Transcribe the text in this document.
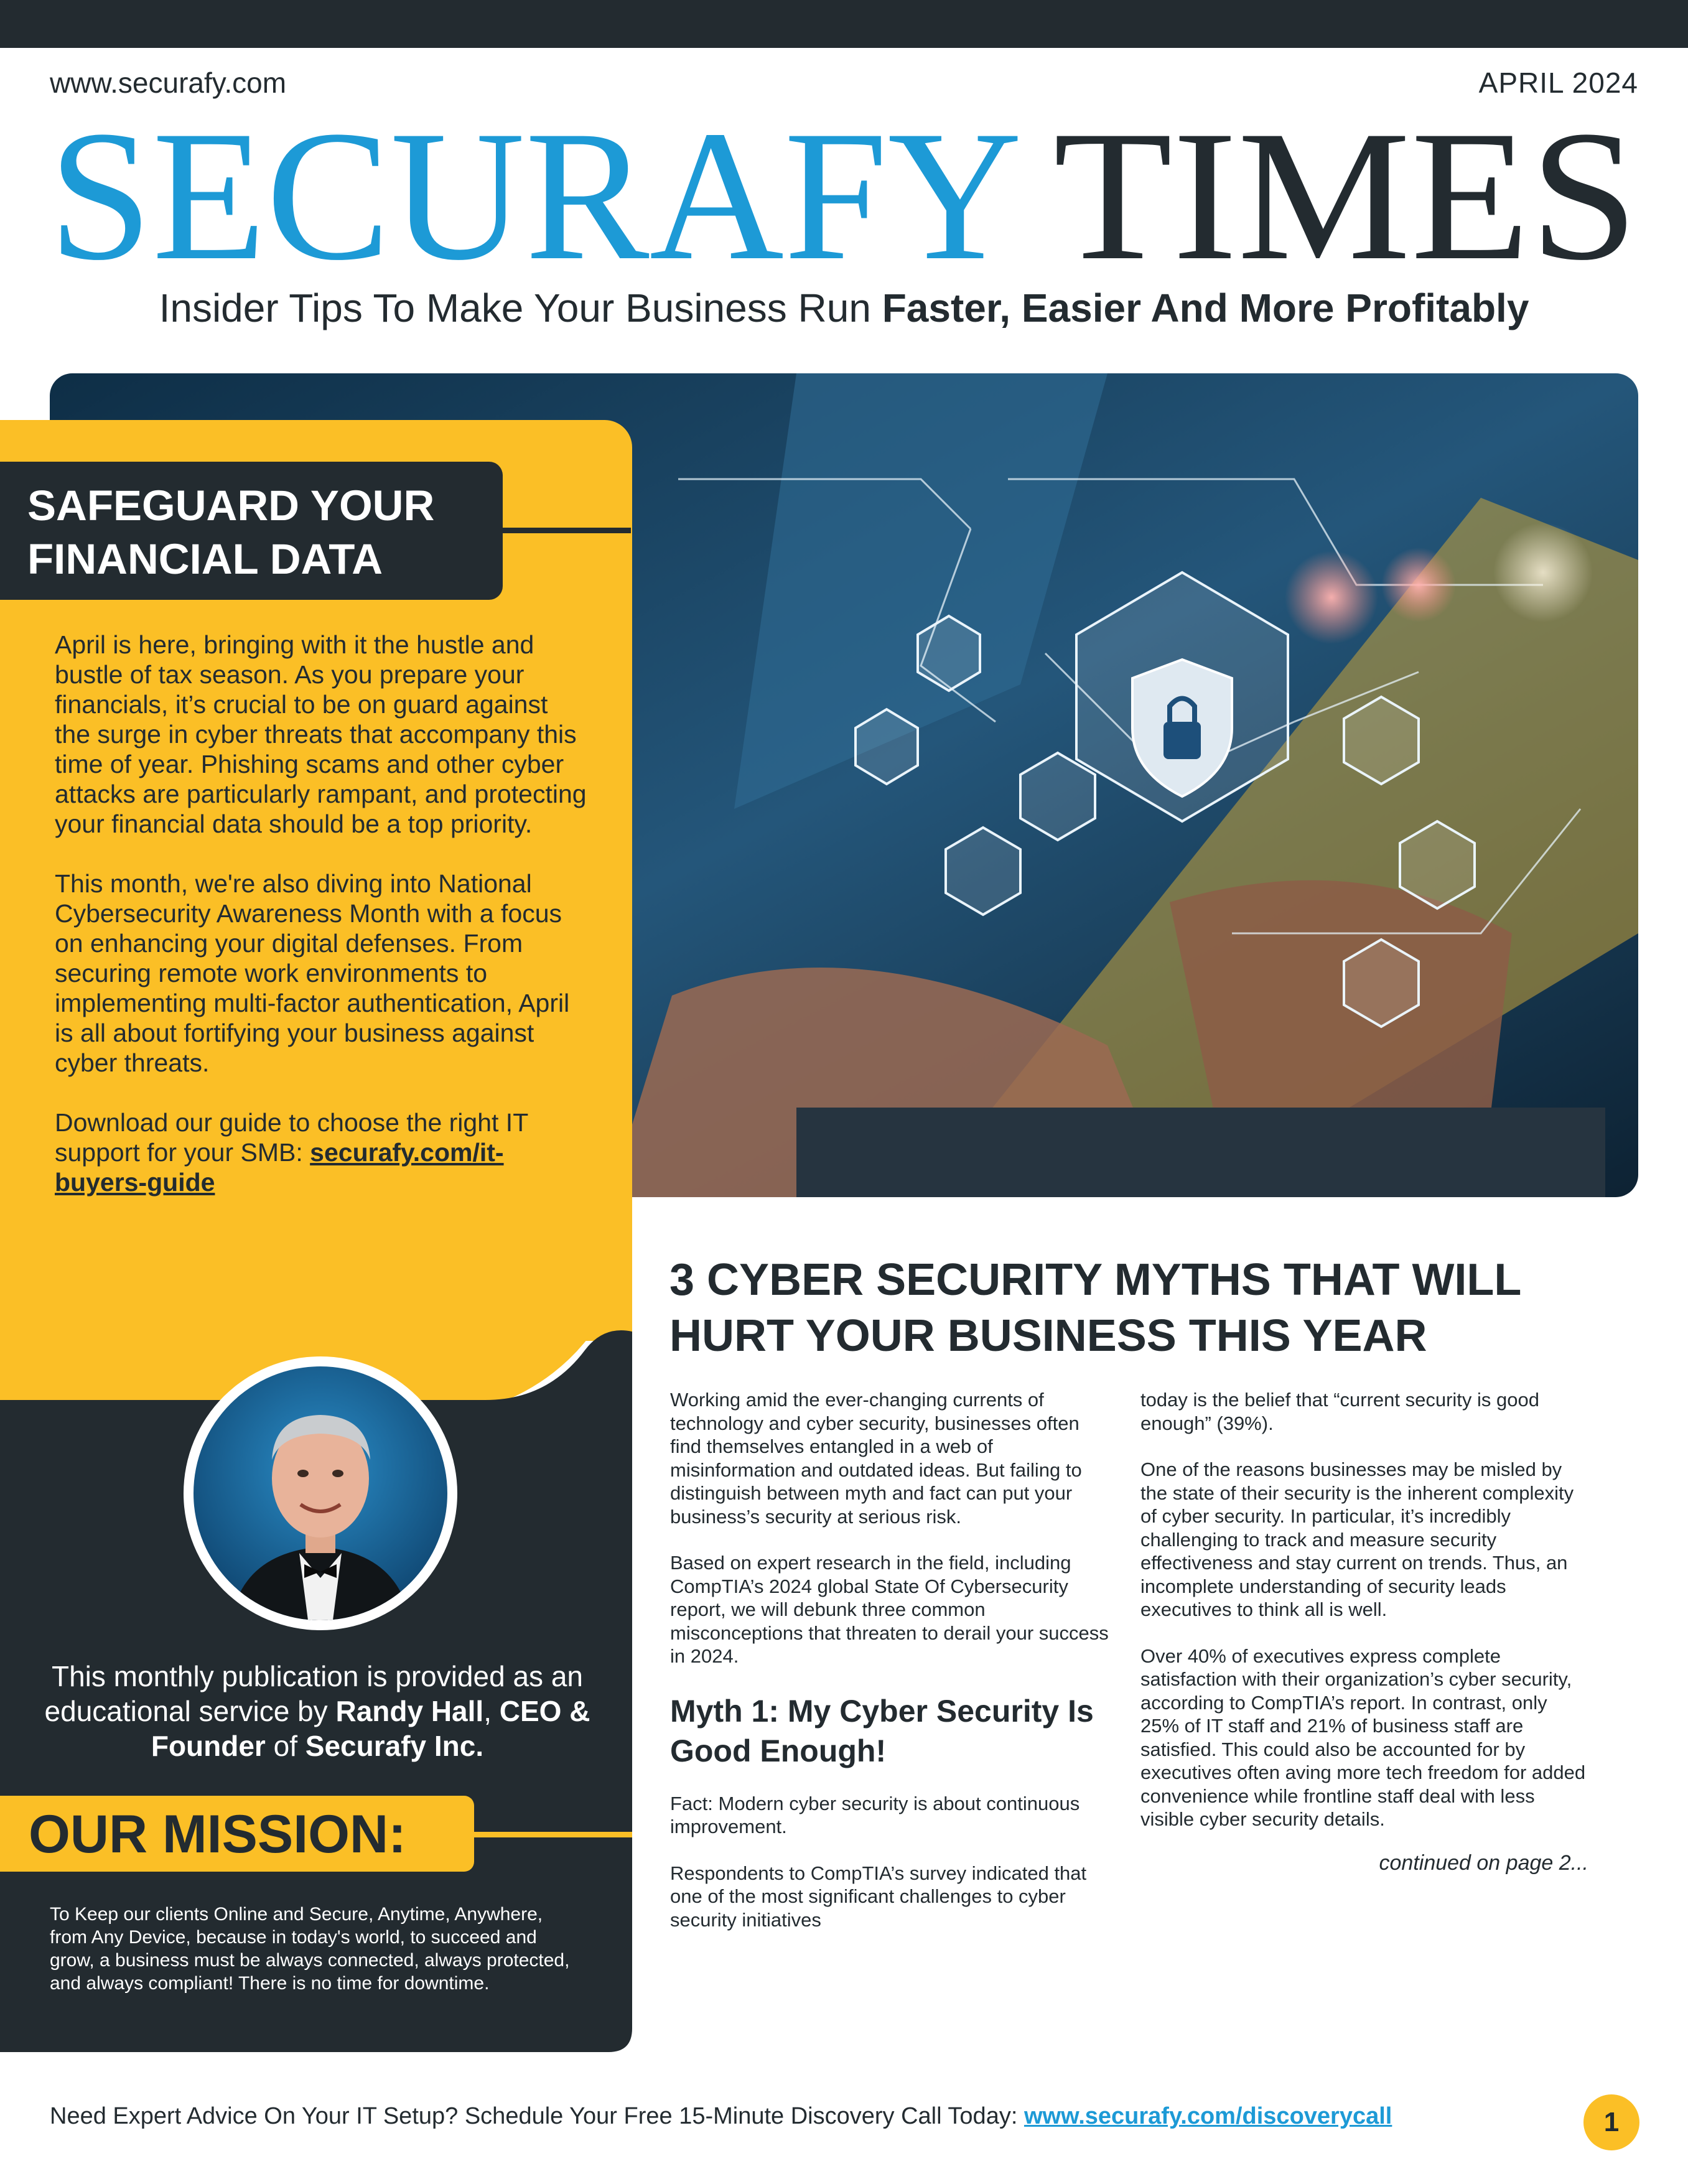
www.securafy.com	APRIL 2024
SECURAFY TIMES
Insider Tips To Make Your Business Run Faster, Easier And More Profitably
SAFEGUARD YOUR FINANCIAL DATA

April is here, bringing with it the hustle and bustle of tax season. As you prepare your financials, it’s crucial to be on guard against the surge in cyber threats that accompany this time of year. Phishing scams and other cyber attacks are particularly rampant, and protecting your financial data should be a top priority.

This month, we're also diving into National Cybersecurity Awareness Month with a focus on enhancing your digital defenses. From securing remote work environments to implementing multi-factor authentication, April is all about fortifying your business against cyber threats.

Download our guide to choose the right IT support for your SMB: securafy.com/it-buyers-guide

This monthly publication is provided as an educational service by Randy Hall, CEO & Founder of Securafy Inc.
OUR MISSION:
To Keep our clients Online and Secure, Anytime, Anywhere, from Any Device, because in today's world, to succeed and grow, a business must be always connected, always protected, and always compliant! There is no time for downtime.
3 CYBER SECURITY MYTHS THAT WILL HURT YOUR BUSINESS THIS YEAR

Working amid the ever-changing currents of technology and cyber security, businesses often find themselves entangled in a web of misinformation and outdated ideas. But failing to distinguish between myth and fact can put your business’s security at serious risk.

Based on expert research in the field, including CompTIA’s 2024 global State Of Cybersecurity report, we will debunk three common misconceptions that threaten to derail your success in 2024.

Myth 1: My Cyber Security Is Good Enough!

Fact: Modern cyber security is about continuous improvement.

Respondents to CompTIA’s survey indicated that one of the most significant challenges to cyber security initiatives

today is the belief that “current security is good enough” (39%).

One of the reasons businesses may be misled by the state of their security is the inherent complexity of cyber security. In particular, it’s incredibly challenging to track and measure security effectiveness and stay current on trends. Thus, an incomplete understanding of security leads executives to think all is well.

Over 40% of executives express complete satisfaction with their organization’s cyber security, according to CompTIA’s report. In contrast, only 25% of IT staff and 21% of business staff are satisfied. This could also be accounted for by executives often aving more tech freedom for added convenience while frontline staff deal with less visible cyber security details.

continued on page 2...
Need Expert Advice On Your IT Setup? Schedule Your Free 15-Minute Discovery Call Today: www.securafy.com/discoverycall	1
